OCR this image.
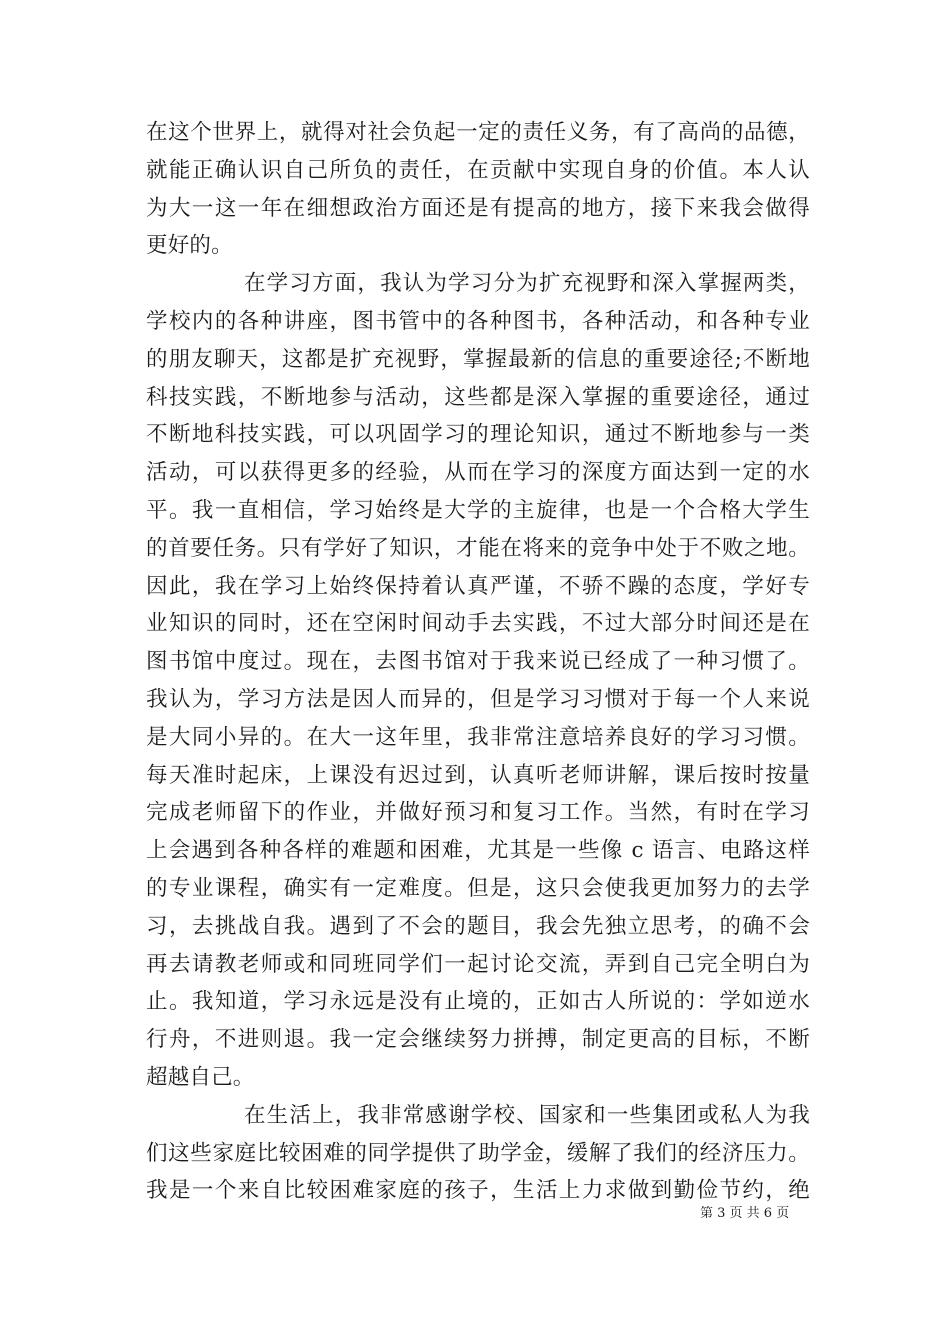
在这个世界上，就得对社会负起一定的责任义务，有了高尚的品德，
就能正确认识自己所负的责任，在贡献中实现自身的价值。本人认
为大一这一年在细想政治方面还是有提高的地方，接下来我会做得
更好的。
在学习方面，我认为学习分为扩充视野和深入掌握两类，
学校内的各种讲座，图书管中的各种图书，各种活动，和各种专业
的朋友聊天，这都是扩充视野，掌握最新的信息的重要途径;不断地
科技实践，不断地参与活动，这些都是深入掌握的重要途径，通过
不断地科技实践，可以巩固学习的理论知识，通过不断地参与一类
活动，可以获得更多的经验，从而在学习的深度方面达到一定的水
平。我一直相信，学习始终是大学的主旋律，也是一个合格大学生
的首要任务。只有学好了知识，才能在将来的竞争中处于不败之地。
因此，我在学习上始终保持着认真严谨，不骄不躁的态度，学好专
业知识的同时，还在空闲时间动手去实践，不过大部分时间还是在
图书馆中度过。现在，去图书馆对于我来说已经成了一种习惯了。
我认为，学习方法是因人而异的，但是学习习惯对于每一个人来说
是大同小异的。在大一这年里，我非常注意培养良好的学习习惯。
每天准时起床，上课没有迟过到，认真听老师讲解，课后按时按量
完成老师留下的作业，并做好预习和复习工作。当然，有时在学习
上会遇到各种各样的难题和困难，尤其是一些像 c 语言、电路这样
的专业课程，确实有一定难度。但是，这只会使我更加努力的去学
习，去挑战自我。遇到了不会的题目，我会先独立思考，的确不会
再去请教老师或和同班同学们一起讨论交流，弄到自己完全明白为
止。我知道，学习永远是没有止境的，正如古人所说的：学如逆水
行舟，不进则退。我一定会继续努力拼搏，制定更高的目标，不断
超越自己。
在生活上，我非常感谢学校、国家和一些集团或私人为我
们这些家庭比较困难的同学提供了助学金，缓解了我们的经济压力。
我是一个来自比较困难家庭的孩子，生活上力求做到勤俭节约，绝
第 3 页 共 6 页
